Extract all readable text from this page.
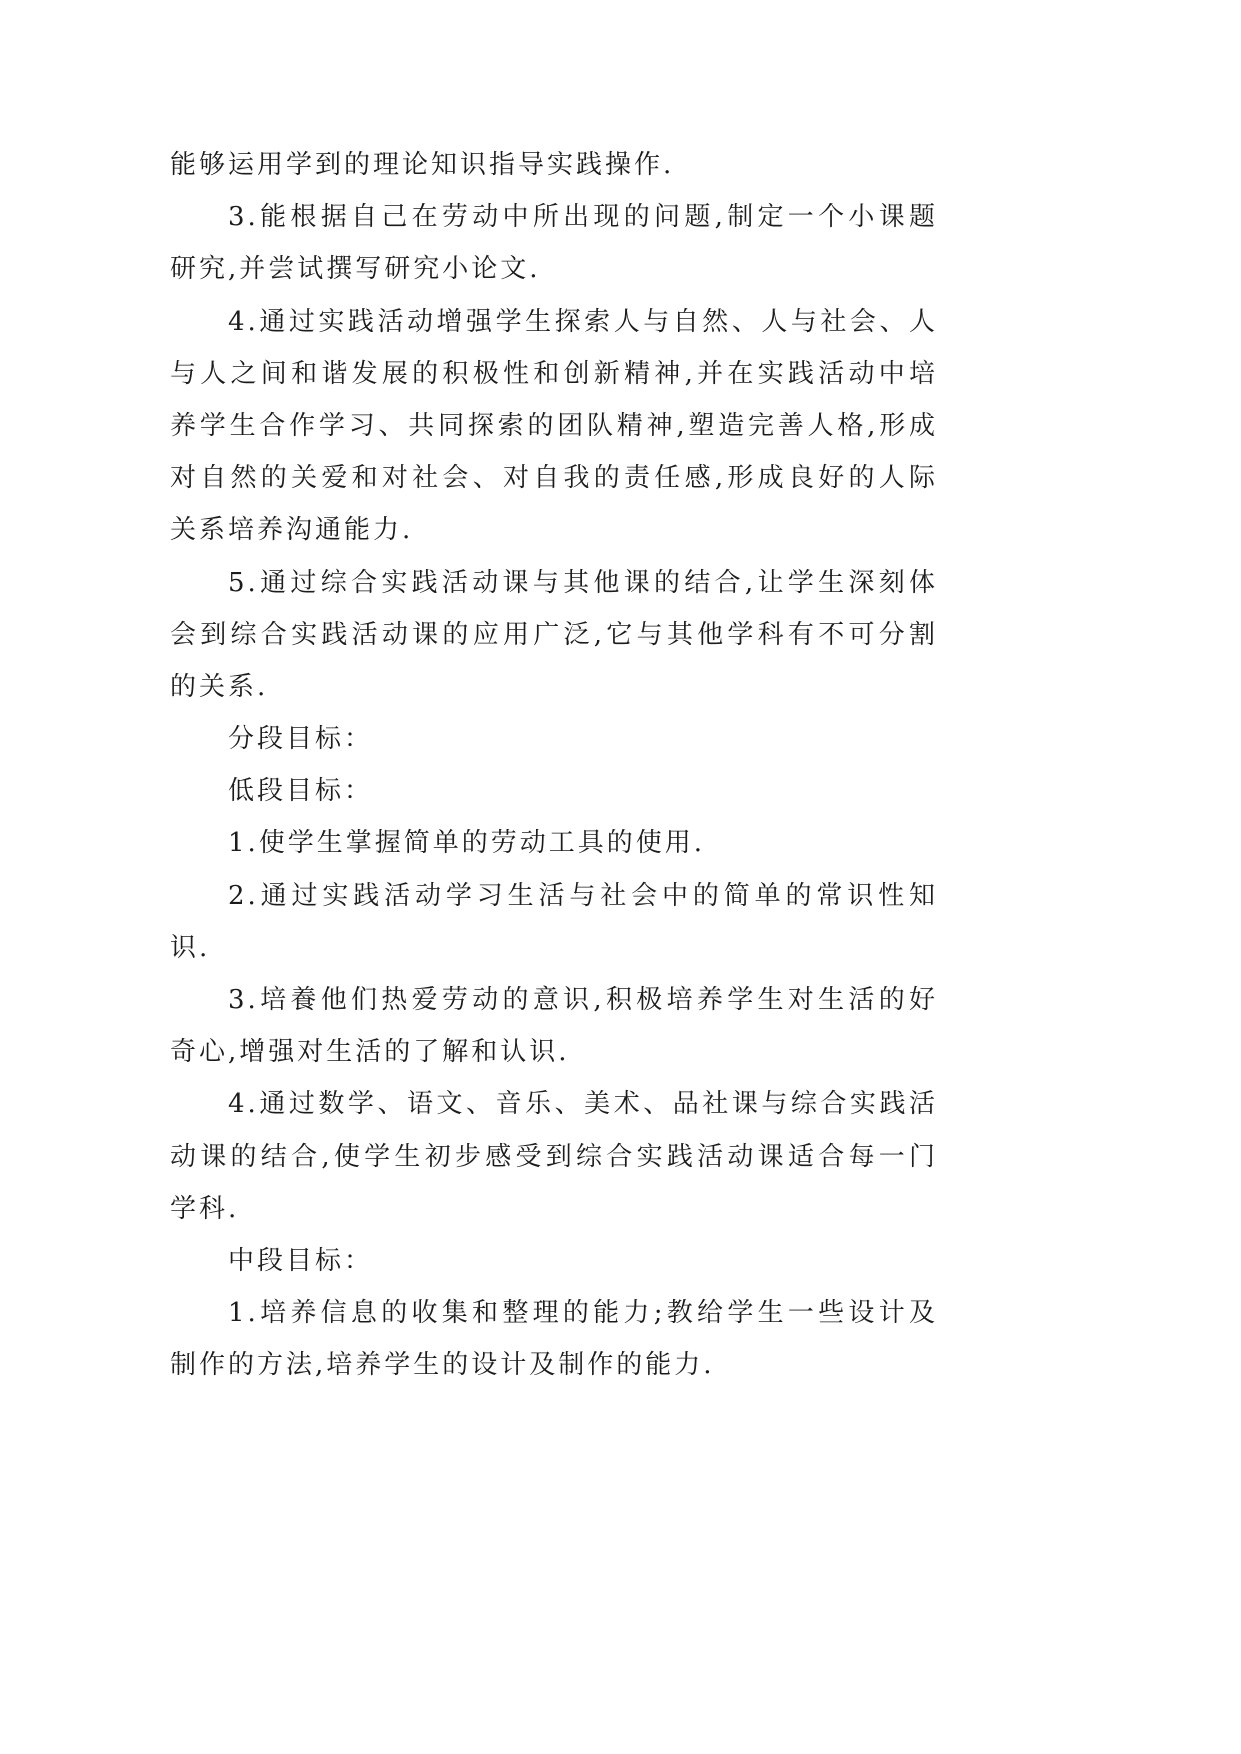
能够运用学到的理论知识指导实践操作.
3.能根据自己在劳动中所出现的问题,制定一个小课题
研究,并尝试撰写研究小论文.
4.通过实践活动增强学生探索人与自然、人与社会、人
与人之间和谐发展的积极性和创新精神,并在实践活动中培
养学生合作学习、共同探索的团队精神,塑造完善人格,形成
对自然的关爱和对社会、对自我的责任感,形成良好的人际
关系培养沟通能力.
5.通过综合实践活动课与其他课的结合,让学生深刻体
会到综合实践活动课的应用广泛,它与其他学科有不可分割
的关系.
分段目标：
低段目标：
1.使学生掌握简单的劳动工具的使用.
2.通过实践活动学习生活与社会中的简单的常识性知
识.
3.培養他们热爱劳动的意识,积极培养学生对生活的好
奇心,增强对生活的了解和认识.
4.通过数学、语文、音乐、美术、品社课与综合实践活
动课的结合,使学生初步感受到综合实践活动课适合每一门
学科.
中段目标：
1.培养信息的收集和整理的能力;教给学生一些设计及
制作的方法,培养学生的设计及制作的能力.
